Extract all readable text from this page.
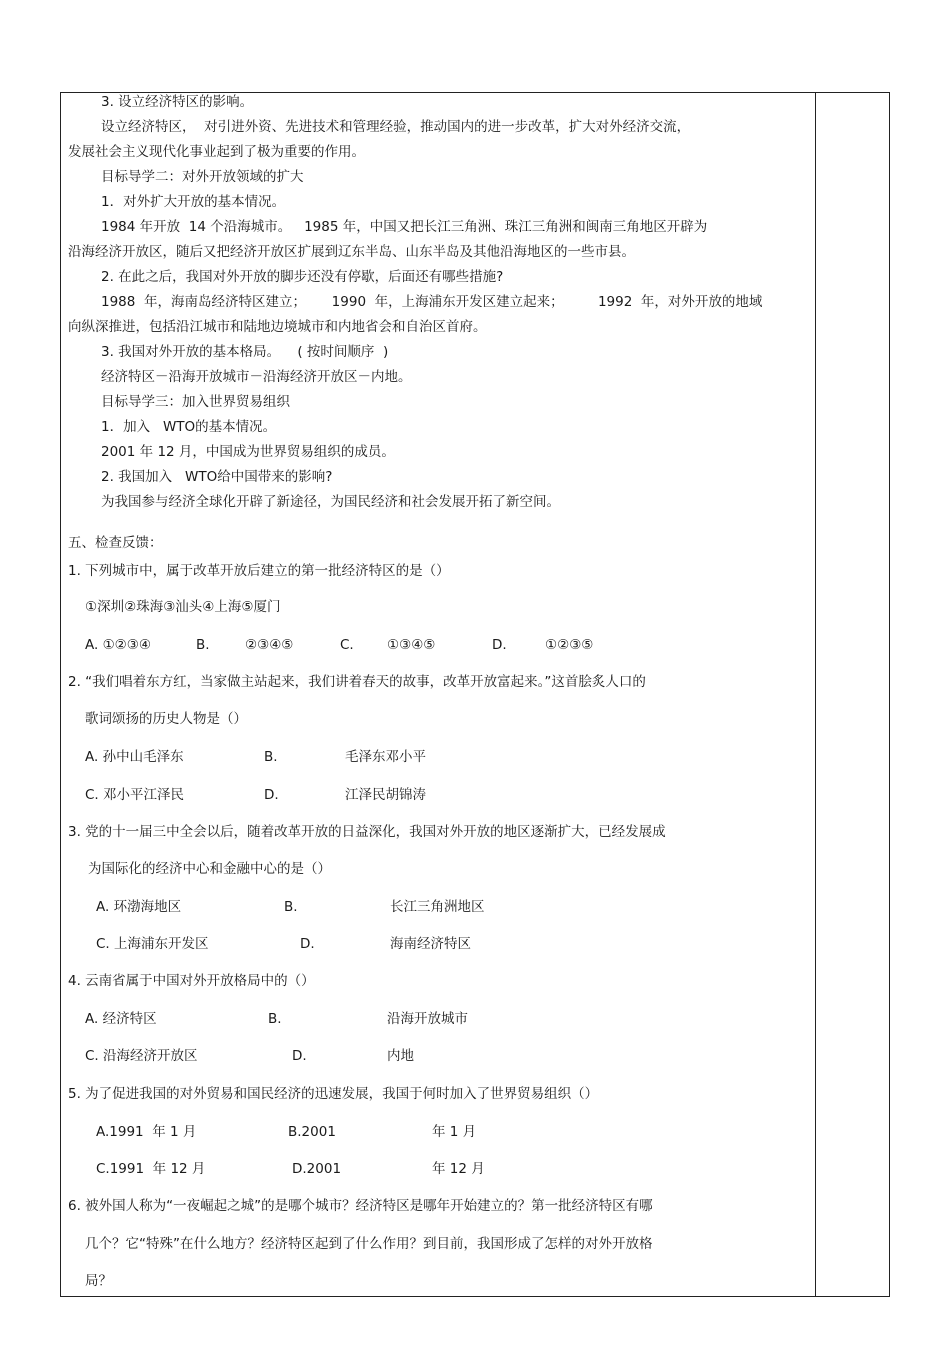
3. 设立经济特区的影响。
设立经济特区，  对引进外资、先进技术和管理经验，推动国内的进一步改革，扩大对外经济交流，
发展社会主义现代化事业起到了极为重要的作用。
目标导学二：对外开放领域的扩大
1．对外扩大开放的基本情况。
1984 年开放  14 个沿海城市。   1985 年，中国又把长江三角洲、珠江三角洲和闽南三角地区开辟为
沿海经济开放区，随后又把经济开放区扩展到辽东半岛、山东半岛及其他沿海地区的一些市县。
2. 在此之后，我国对外开放的脚步还没有停歇，后面还有哪些措施?
1988  年，海南岛经济特区建立；      1990  年，上海浦东开发区建立起来；        1992  年，对外开放的地域
向纵深推进，包括沿江城市和陆地边境城市和内地省会和自治区首府。
3. 我国对外开放的基本格局。    ( 按时间顺序  )
经济特区－沿海开放城市－沿海经济开放区－内地。
目标导学三：加入世界贸易组织
1．加入   WTO的基本情况。
2001 年 12 月，中国成为世界贸易组织的成员。
2. 我国加入   WTO给中国带来的影响?
为我国参与经济全球化开辟了新途径，为国民经济和社会发展开拓了新空间。
五、检查反馈：
1. 下列城市中，属于改革开放后建立的第一批经济特区的是（）
①深圳②珠海③汕头④上海⑤厦门
A. ①②③④	B.	②③④⑤	C. ①③④⑤	D.	①②③⑤
2. “我们唱着东方红，当家做主站起来，我们讲着春天的故事，改革开放富起来。”这首脍炙人口的
歌词颂扬的历史人物是（）
A. 孙中山毛泽东	B.	毛泽东邓小平
C. 邓小平江泽民	D.	江泽民胡锦涛
3. 党的十一届三中全会以后，随着改革开放的日益深化，我国对外开放的地区逐渐扩大，已经发展成
为国际化的经济中心和金融中心的是（）
A. 环渤海地区	B.	长江三角洲地区
C. 上海浦东开发区	D.	海南经济特区
4. 云南省属于中国对外开放格局中的（）
A. 经济特区	B.	沿海开放城市
C. 沿海经济开放区	D.	内地
5. 为了促进我国的对外贸易和国民经济的迅速发展，我国于何时加入了世界贸易组织（）
A.1991  年 1 月	B.2001	年 1 月
C.1991  年 12 月	D.2001	年 12 月
6. 被外国人称为“一夜崛起之城”的是哪个城市？经济特区是哪年开始建立的？第一批经济特区有哪
几个？它“特殊”在什么地方？经济特区起到了什么作用？到目前，我国形成了怎样的对外开放格
局？
